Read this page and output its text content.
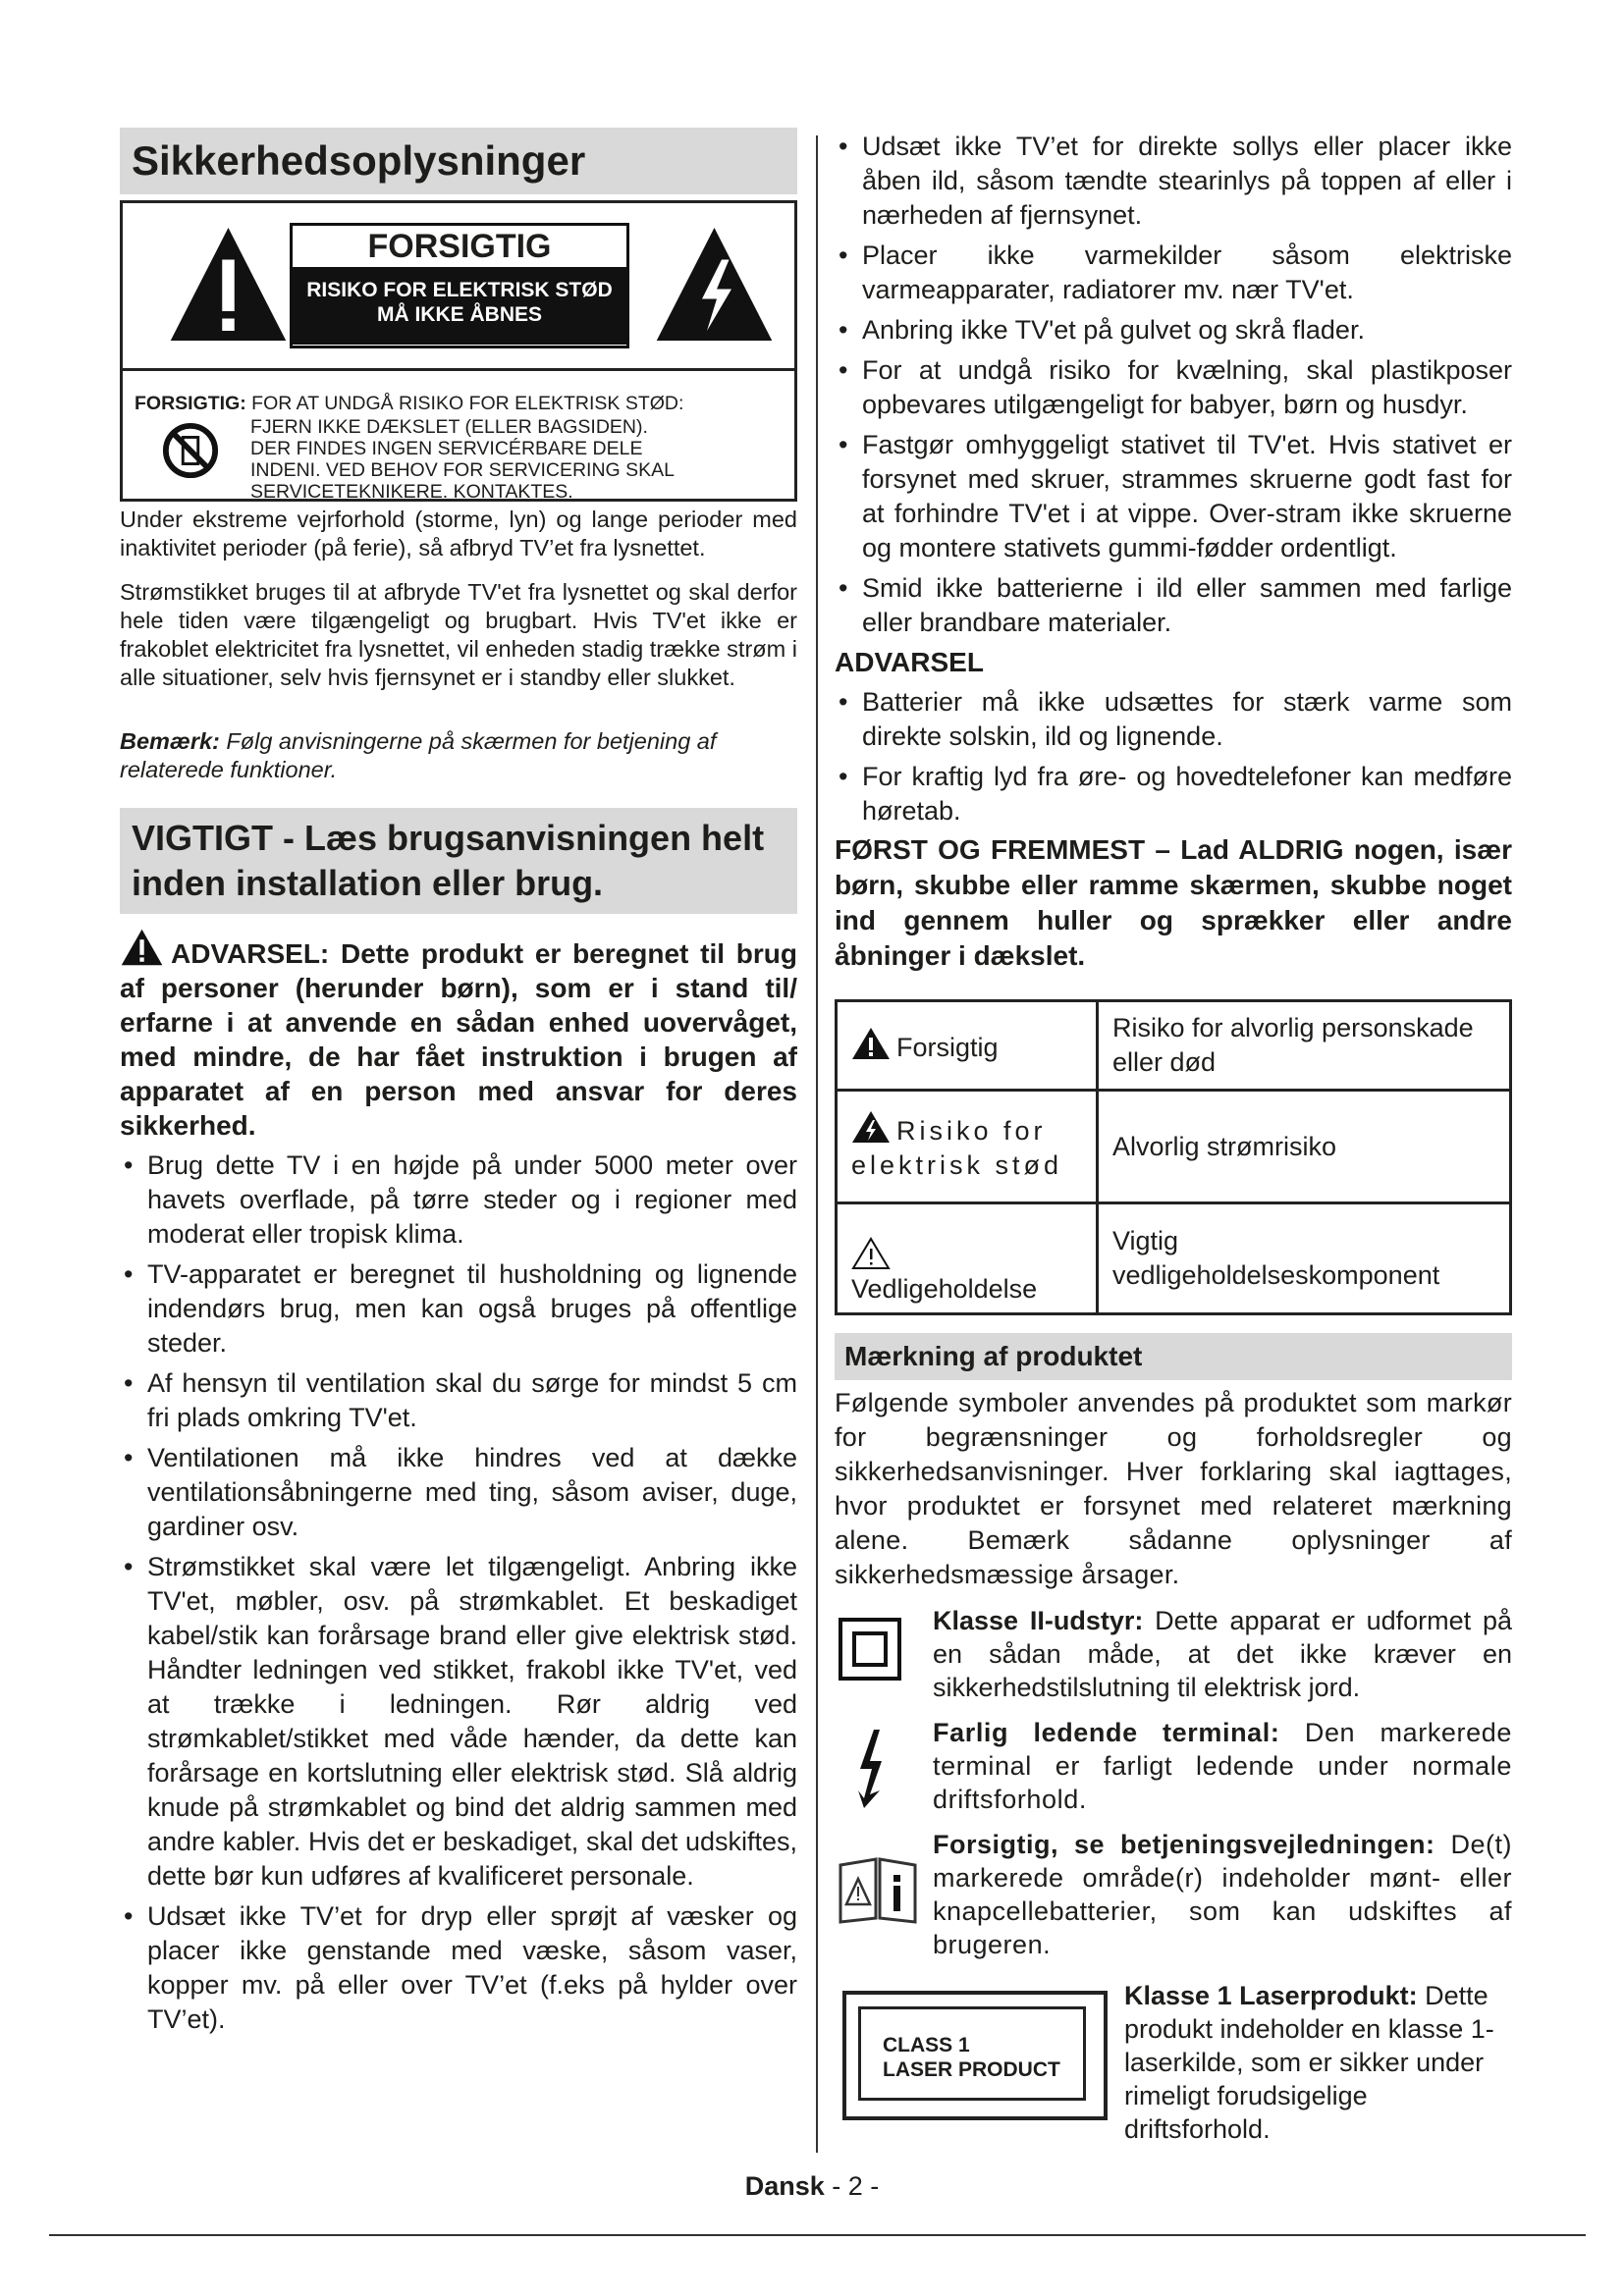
Sikkerhedsoplysninger
FORSIGTIG
RISIKO FOR ELEKTRISK STØD
MÅ IKKE ÅBNES
FORSIGTIG: FOR AT UNDGÅ RISIKO FOR ELEKTRISK STØD:
FJERN IKKE DÆKSLET (ELLER BAGSIDEN).
DER FINDES INGEN SERVICÉRBARE DELE
INDENI. VED BEHOV FOR SERVICERING SKAL
SERVICETEKNIKERE. KONTAKTES.

Under ekstreme vejrforhold (storme, lyn) og lange perioder med inaktivitet perioder (på ferie), så afbryd TV’et fra lysnettet.

Strømstikket bruges til at afbryde TV'et fra lysnettet og skal derfor hele tiden være tilgængeligt og brugbart. Hvis TV'et ikke er frakoblet elektricitet fra lysnettet, vil enheden stadig trække strøm i alle situationer, selv hvis fjernsynet er i standby eller slukket.

Bemærk: Følg anvisningerne på skærmen for betjening af relaterede funktioner.

VIGTIGT - Læs brugsanvisningen helt inden installation eller brug.

ADVARSEL: Dette produkt er beregnet til brug af personer (herunder børn), som er i stand til/ erfarne i at anvende en sådan enhed uovervåget, med mindre, de har fået instruktion i brugen af apparatet af en person med ansvar for deres sikkerhed.

• Brug dette TV i en højde på under 5000 meter over havets overflade, på tørre steder og i regioner med moderat eller tropisk klima.
• TV-apparatet er beregnet til husholdning og lignende indendørs brug, men kan også bruges på offentlige steder.
• Af hensyn til ventilation skal du sørge for mindst 5 cm fri plads omkring TV'et.
• Ventilationen må ikke hindres ved at dække ventilationsåbningerne med ting, såsom aviser, duge, gardiner osv.
• Strømstikket skal være let tilgængeligt. Anbring ikke TV'et, møbler, osv. på strømkablet. Et beskadiget kabel/stik kan forårsage brand eller give elektrisk stød. Håndter ledningen ved stikket, frakobl ikke TV'et, ved at trække i ledningen. Rør aldrig ved strømkablet/stikket med våde hænder, da dette kan forårsage en kortslutning eller elektrisk stød. Slå aldrig knude på strømkablet og bind det aldrig sammen med andre kabler. Hvis det er beskadiget, skal det udskiftes, dette bør kun udføres af kvalificeret personale.
• Udsæt ikke TV’et for dryp eller sprøjt af væsker og placer ikke genstande med væske, såsom vaser, kopper mv. på eller over TV’et (f.eks på hylder over TV’et).
• Udsæt ikke TV’et for direkte sollys eller placer ikke åben ild, såsom tændte stearinlys på toppen af eller i nærheden af fjernsynet.
• Placer ikke varmekilder såsom elektriske varmeapparater, radiatorer mv. nær TV'et.
• Anbring ikke TV'et på gulvet og skrå flader.
• For at undgå risiko for kvælning, skal plastikposer opbevares utilgængeligt for babyer, børn og husdyr.
• Fastgør omhyggeligt stativet til TV'et. Hvis stativet er forsynet med skruer, strammes skruerne godt fast for at forhindre TV'et i at vippe. Over-stram ikke skruerne og montere stativets gummi-fødder ordentligt.
• Smid ikke batterierne i ild eller sammen med farlige eller brandbare materialer.
ADVARSEL
• Batterier må ikke udsættes for stærk varme som direkte solskin, ild og lignende.
• For kraftig lyd fra øre- og hovedtelefoner kan medføre høretab.

FØRST OG FREMMEST – Lad ALDRIG nogen, især børn, skubbe eller ramme skærmen, skubbe noget ind gennem huller og sprækker eller andre åbninger i dækslet.

Forsigtig	Risiko for alvorlig personskade eller død
Risiko for elektrisk stød	Alvorlig strømrisiko

Vedligeholdelse	Vigtig vedligeholdelseskomponent
Mærkning af produktet

Følgende symboler anvendes på produktet som markør for begrænsninger og forholdsregler og sikkerhedsanvisninger. Hver forklaring skal iagttages, hvor produktet er forsynet med relateret mærkning alene. Bemærk sådanne oplysninger af sikkerhedsmæssige årsager.

Klasse II-udstyr: Dette apparat er udformet på en sådan måde, at det ikke kræver en sikkerhedstilslutning til elektrisk jord.

Farlig ledende terminal: Den markerede terminal er farligt ledende under normale driftsforhold.

Forsigtig, se betjeningsvejledningen: De(t) markerede område(r) indeholder mønt- eller knapcellebatterier, som kan udskiftes af brugeren.

CLASS 1
LASER PRODUCT

Klasse 1 Laserprodukt: Dette produkt indeholder en klasse 1-laserkilde, som er sikker under rimeligt forudsigelige driftsforhold.

Dansk - 2 -
